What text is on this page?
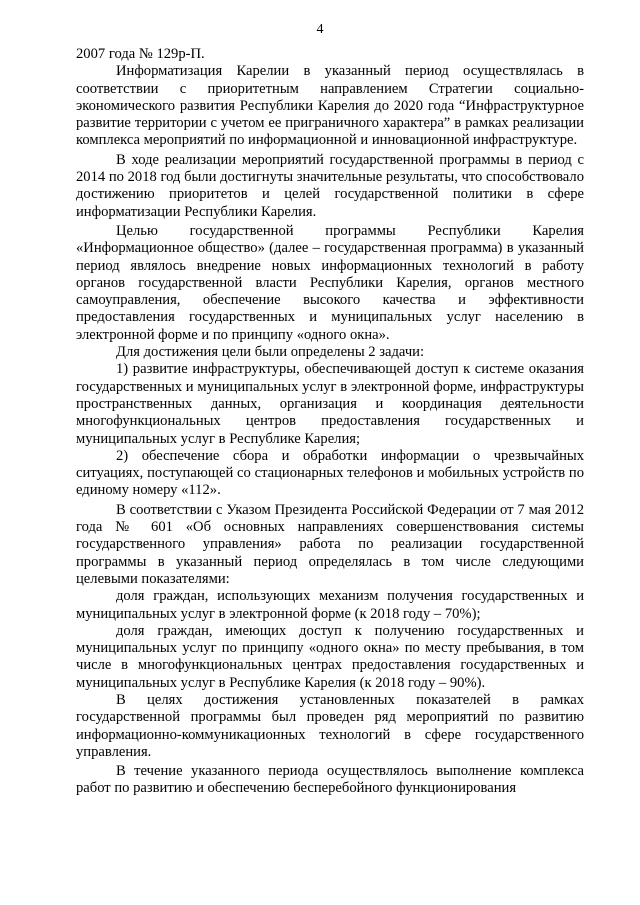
4

2007 года № 129р-П.

Информатизация Карелии в указанный период осуществлялась в соответствии с приоритетным направлением Стратегии социально-экономического развития Республики Карелия до 2020 года “Инфраструктурное развитие территории с учетом ее приграничного характера” в рамках реализации комплекса мероприятий по информационной и инновационной инфраструктуре.

В ходе реализации мероприятий государственной программы в период с 2014 по 2018 год были достигнуты значительные результаты, что способствовало достижению приоритетов и целей государственной политики в сфере информатизации Республики Карелия.

Целью государственной программы Республики Карелия «Информационное общество» (далее – государственная программа) в указанный период являлось внедрение новых информационных технологий в работу органов государственной власти Республики Карелия, органов местного самоуправления, обеспечение высокого качества и эффективности предоставления государственных и муниципальных услуг населению в электронной форме и по принципу «одного окна».

Для достижения цели были определены 2 задачи:

1) развитие инфраструктуры, обеспечивающей доступ к системе оказания государственных и муниципальных услуг в электронной форме, инфраструктуры пространственных данных, организация и координация деятельности многофункциональных центров предоставления государственных и муниципальных услуг в Республике Карелия;

2) обеспечение сбора и обработки информации о чрезвычайных ситуациях, поступающей со стационарных телефонов и мобильных устройств по единому номеру «112».

В соответствии с Указом Президента Российской Федерации от 7 мая 2012 года № 601 «Об основных направлениях совершенствования системы государственного управления» работа по реализации государственной программы в указанный период определялась в том числе следующими целевыми показателями:

доля граждан, использующих механизм получения государственных и муниципальных услуг в электронной форме (к 2018 году – 70%);

доля граждан, имеющих доступ к получению государственных и муниципальных услуг по принципу «одного окна» по месту пребывания, в том числе в многофункциональных центрах предоставления государственных и муниципальных услуг в Республике Карелия (к 2018 году – 90%).

В целях достижения установленных показателей в рамках государственной программы был проведен ряд мероприятий по развитию информационно-коммуникационных технологий в сфере государственного управления.

В течение указанного периода осуществлялось выполнение комплекса работ по развитию и обеспечению бесперебойного функционирования
